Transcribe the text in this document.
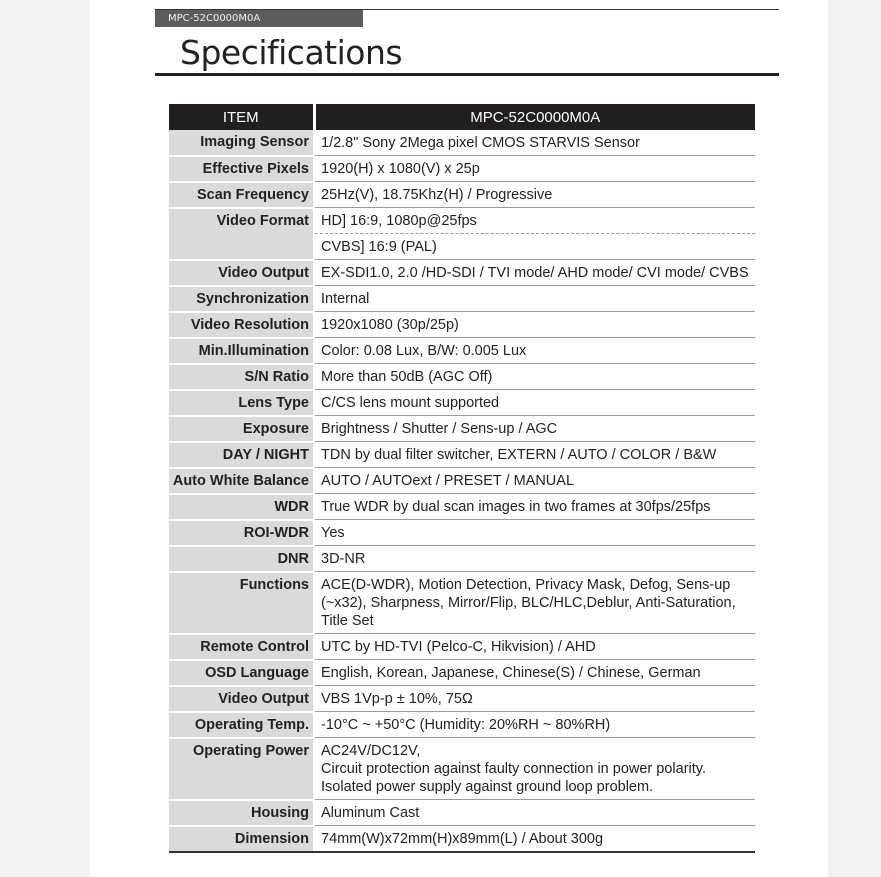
MPC-52C0000M0A
Specifications
ITEM	MPC-52C0000M0A
Imaging Sensor	1/2.8" Sony 2Mega pixel CMOS STARVIS Sensor
Effective Pixels	1920(H) x 1080(V) x 25p
Scan Frequency	25Hz(V), 18.75Khz(H) / Progressive
Video Format	HD] 16:9, 1080p@25fps
	CVBS] 16:9 (PAL)
Video Output	EX-SDI1.0, 2.0 /HD-SDI / TVI mode/ AHD mode/ CVI mode/ CVBS
Synchronization	Internal
Video Resolution	1920x1080 (30p/25p)
Min.Illumination	Color: 0.08 Lux, B/W: 0.005 Lux
S/N Ratio	More than 50dB (AGC Off)
Lens Type	C/CS lens mount supported
Exposure	Brightness / Shutter / Sens-up / AGC
DAY / NIGHT	TDN by dual filter switcher, EXTERN / AUTO / COLOR / B&W
Auto White Balance	AUTO / AUTOext / PRESET / MANUAL
WDR	True WDR by dual scan images in two frames at 30fps/25fps
ROI-WDR	Yes
DNR	3D-NR
Functions	ACE(D-WDR), Motion Detection, Privacy Mask, Defog, Sens-up (~x32), Sharpness, Mirror/Flip, BLC/HLC,Deblur, Anti-Saturation, Title Set
Remote Control	UTC by HD-TVI (Pelco-C, Hikvision) / AHD
OSD Language	English, Korean, Japanese, Chinese(S) / Chinese, German
Video Output	VBS 1Vp-p ± 10%, 75Ω
Operating Temp.	-10°C ~ +50°C (Humidity: 20%RH ~ 80%RH)
Operating Power	AC24V/DC12V,
Circuit protection against faulty connection in power polarity.
Isolated power supply against ground loop problem.

Housing	Aluminum Cast
Dimension	74mm(W)x72mm(H)x89mm(L) / About 300g
